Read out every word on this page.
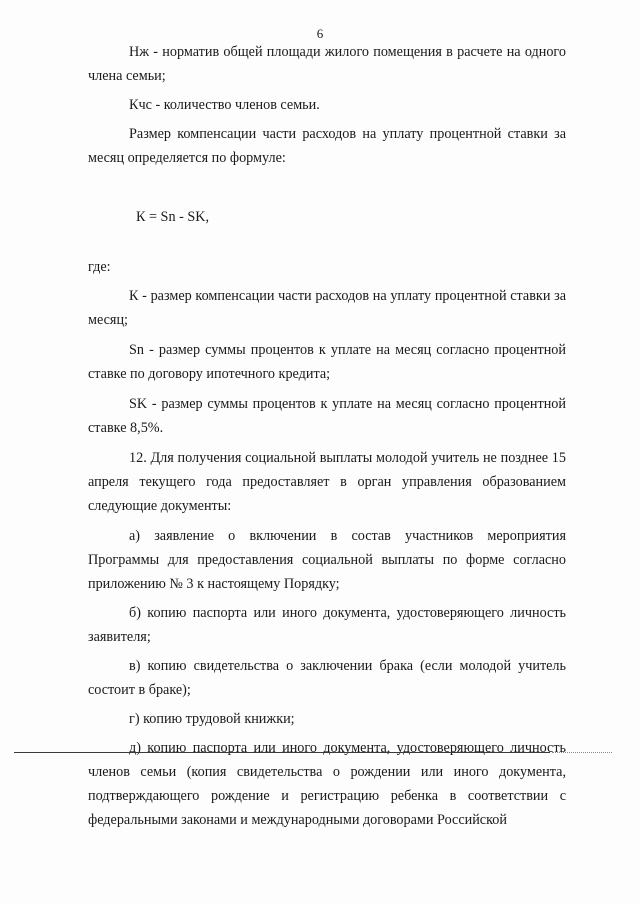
6

Нж - норматив общей площади жилого помещения в расчете на одного члена семьи;

Кчс - количество членов семьи.

Размер компенсации части расходов на уплату процентной ставки за месяц определяется по формуле:

К = Sn - SK,

где:

К - размер компенсации части расходов на уплату процентной ставки за месяц;

Sn - размер суммы процентов к уплате на месяц согласно процентной ставке по договору ипотечного кредита;

SK - размер суммы процентов к уплате на месяц согласно процентной ставке 8,5%.

12. Для получения социальной выплаты молодой учитель не позднее 15 апреля текущего года предоставляет в орган управления образованием следующие документы:

а) заявление о включении в состав участников мероприятия Программы для предоставления социальной выплаты по форме согласно приложению № 3 к настоящему Порядку;

б) копию паспорта или иного документа, удостоверяющего личность заявителя;

в) копию свидетельства о заключении брака (если молодой учитель состоит в браке);

г) копию трудовой книжки;

д) копию паспорта или иного документа, удостоверяющего личность членов семьи (копия свидетельства о рождении или иного документа, подтверждающего рождение и регистрацию ребенка в соответствии с федеральными законами и международными договорами Российской
